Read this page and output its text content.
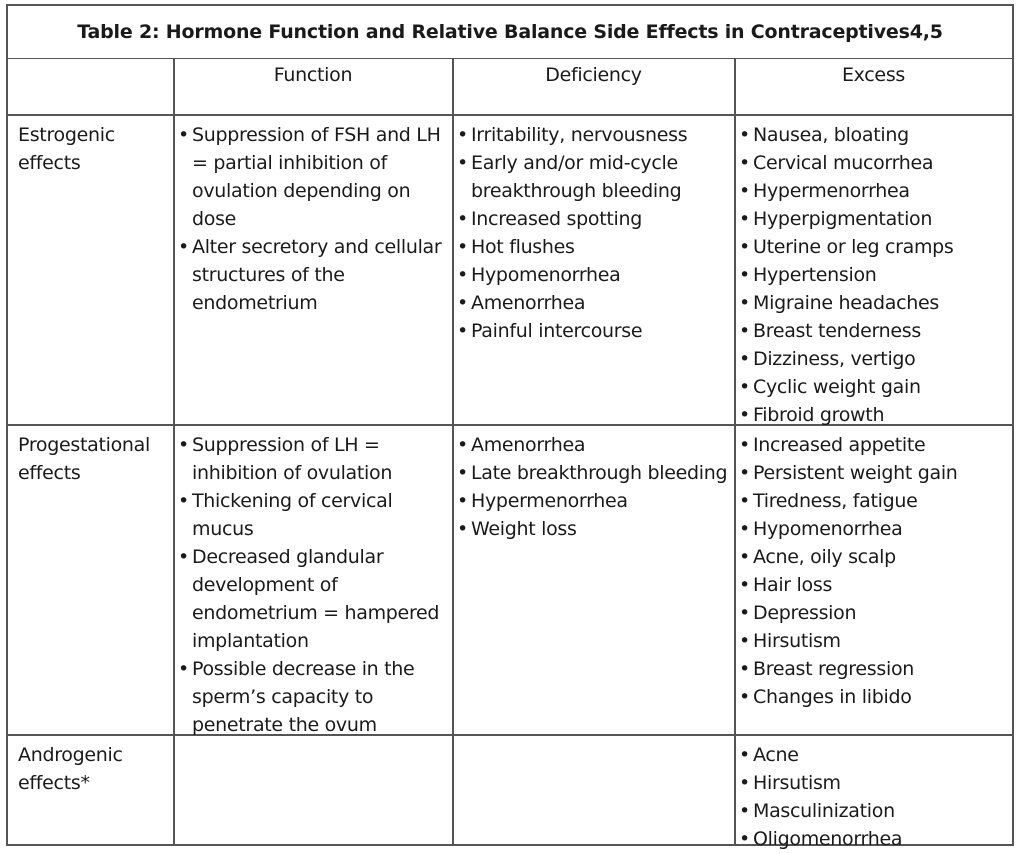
Table 2: Hormone Function and Relative Balance Side Effects in Contraceptives4,5
Function	Deficiency	Excess
Estrogenic effects
• Suppression of FSH and LH = partial inhibition of ovulation depending on dose
• Alter secretory and cellular structures of the endometrium
• Irritability, nervousness
• Early and/or mid-cycle breakthrough bleeding
• Increased spotting
• Hot flushes
• Hypomenorrhea
• Amenorrhea
• Painful intercourse
• Nausea, bloating
• Cervical mucorrhea
• Hypermenorrhea
• Hyperpigmentation
• Uterine or leg cramps
• Hypertension
• Migraine headaches
• Breast tenderness
• Dizziness, vertigo
• Cyclic weight gain
• Fibroid growth
Progestational effects
• Suppression of LH = inhibition of ovulation
• Thickening of cervical mucus
• Decreased glandular development of endometrium = hampered implantation
• Possible decrease in the sperm’s capacity to penetrate the ovum
• Amenorrhea
• Late breakthrough bleeding
• Hypermenorrhea
• Weight loss
• Increased appetite
• Persistent weight gain
• Tiredness, fatigue
• Hypomenorrhea
• Acne, oily scalp
• Hair loss
• Depression
• Hirsutism
• Breast regression
• Changes in libido
Androgenic effects*
• Acne
• Hirsutism
• Masculinization
• Oligomenorrhea
